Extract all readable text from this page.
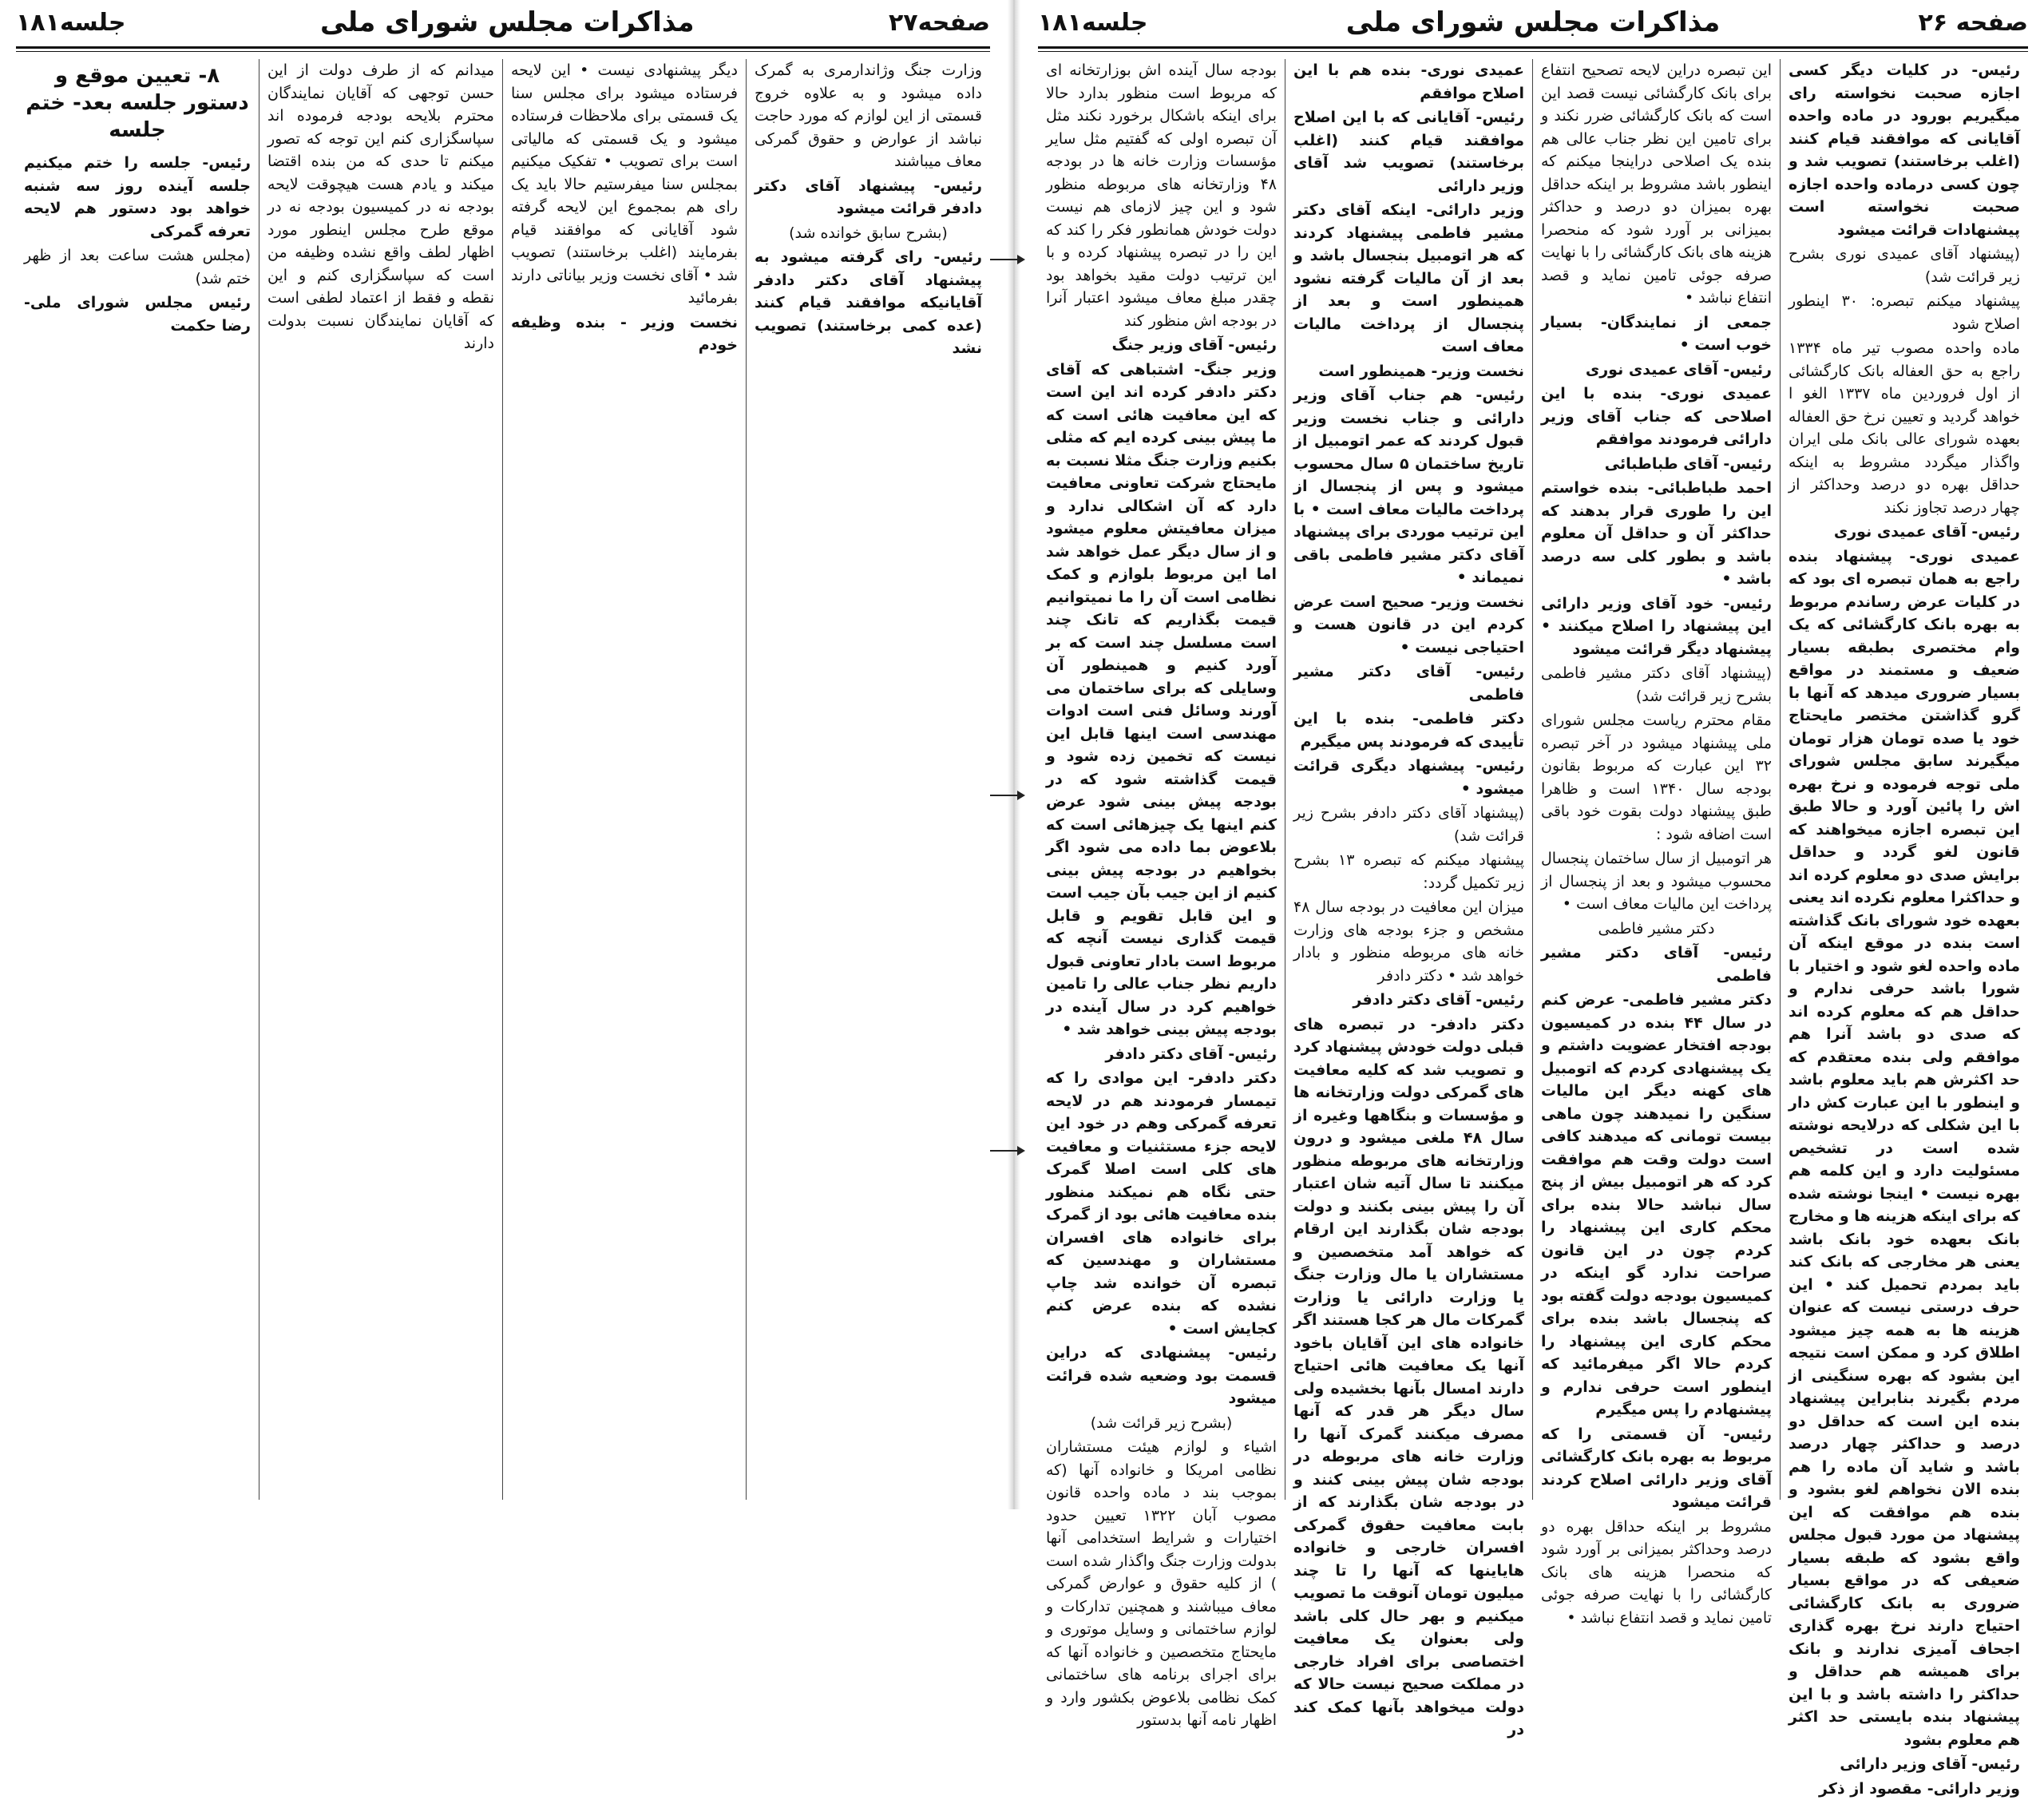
صفحه۲۷
مذاکرات مجلس شورای ملی
جلسه۱۸۱

وزارت جنگ وژاندارمری به گمرک داده میشود و به علاوه خروج قسمتی از این لوازم که مورد حاجت نباشد از عوارض و حقوق گمرکی معاف میباشند

رئیس- پیشنهاد آقای دکتر دادفر قرائت میشود

(بشرح سابق خوانده شد)

رئیس- رای گرفته میشود به پیشنهاد آقای دکتر دادفر آقایانیکه موافقند قیام کنند (عده کمی برخاستند) تصویب نشد

دیگر پیشنهادی نیست • این لایحه فرستاده میشود برای مجلس سنا یک قسمتی برای ملاحظات فرستاده میشود و یک قسمتی که مالیاتی است برای تصویب • تفکیک میکنیم بمجلس سنا میفرستیم حالا باید یک رای هم بمجموع این لایحه گرفته شود آقایانی که موافقند قیام بفرمایند (اغلب برخاستند) تصویب شد • آقای نخست وزیر بیاناتی دارند بفرمائید

نخست وزیر - بنده وظیفه خودم

میدانم که از طرف دولت از این حسن توجهی که آقایان نمایندگان محترم بلایحه بودجه فرموده اند سپاسگزاری کنم این توجه که تصور میکنم تا حدی که من بنده اقتضا میکند و یادم هست هیچوقت لایحه بودجه نه در کمیسیون بودجه نه در موقع طرح مجلس اینطور مورد اظهار لطف واقع نشده وظیفه من است که سپاسگزاری کنم و این نقطه و فقط از اعتماد لطفی است که آقایان نمایندگان نسبت بدولت دارند

۸- تعیین موقع و دستور جلسه بعد- ختم جلسه

رئیس- جلسه را ختم میکنیم جلسه آینده روز سه شنبه خواهد بود دستور هم لایحه تعرفه گمرکی

(مجلس هشت ساعت بعد از ظهر ختم شد)

رئیس مجلس شورای ملی- رضا حکمت

صفحه ۲۶
مذاکرات مجلس شورای ملی
جلسه۱۸۱

رئیس- در کلیات دیگر کسی اجازه صحبت نخواسته رای میگیریم بورود در ماده واحده آقایانی که موافقند قیام کنند (اغلب برخاستند) تصویب شد و چون کسی درماده واحده اجازه صحبت نخواسته است پیشنهادات قرائت میشود

(پیشنهاد آقای عمیدی نوری بشرح زیر قرائت شد)

پیشنهاد میکنم تبصره: ۳۰ اینطور اصلاح شود

ماده واحده مصوب تیر ماه ۱۳۳۴ راجع به حق العفاله بانک کارگشائی از اول فروردین ماه ۱۳۳۷ الغو ا خواهد گردید و تعیین نرخ حق العفاله بعهده شورای عالی بانک ملی ایران واگذار میگردد مشروط به اینکه حداقل بهره دو درصد وحداکثر از چهار درصد تجاوز نکند

رئیس- آقای عمیدی نوری

عمیدی نوری- پیشنهاد بنده راجع به همان تبصره ای بود که در کلیات عرض رساندم مربوط به بهره بانک کارگشائی که یک وام مختصری بطبقه بسیار ضعیف و مستمند در مواقع بسیار ضروری میدهد که آنها با گرو گذاشتن مختصر مایحتاج خود یا صده تومان هزار تومان میگیرند سابق مجلس شورای ملی توجه فرموده و نرخ بهره اش را پائین آورد و حالا طبق این تبصره اجازه میخواهند که قانون لغو گردد و حداقل برایش صدی دو معلوم کرده اند و حداکثرا معلوم نکرده اند یعنی بعهده خود شورای بانک گذاشته است بنده در موقع اینکه آن ماده واحده لغو شود و اختیار با شورا باشد حرفی ندارم و حداقل هم که معلوم کرده اند که صدی دو باشد آنرا هم موافقم ولی بنده معتقدم که حد اکثرش هم باید معلوم باشد و اینطور با این عبارت کش دار با این شکلی که درلایحه نوشته شده است در تشخیص مسئولیت دارد و این کلمه هم بهره نیست • اینجا نوشته شده که برای اینکه هزینه ها و مخارج بانک بعهده خود بانک باشد یعنی هر مخارجی که بانک کند باید بمردم تحمیل کند • این حرف درستی نیست که عنوان هزینه ها به همه چیز میشود اطلاق کرد و ممکن است نتیجه این بشود که بهره سنگینی از مردم بگیرند بنابراین پیشنهاد بنده این است که حداقل دو درصد و حداکثر چهار درصد باشد و شاید آن ماده را هم بنده الان نخواهم لغو بشود و بنده هم موافقت که این پیشنهاد من مورد قبول مجلس واقع بشود که طبقه بسیار ضعیفی که در مواقع بسیار ضروری به بانک کارگشائی احتیاج دارند نرخ بهره گذاری اجحاف آمیزی ندارند و بانک برای همیشه هم حداقل و حداکثر را داشته باشد و با این پیشنهاد بنده بایستی حد اکثر هم معلوم بشود

رئیس- آقای وزیر دارائی

وزیر دارائی- مقصود از ذکر

این تبصره دراین لایحه تصحیح انتفاع برای بانک کارگشائی نیست قصد این است که بانک کارگشائی ضرر نکند و برای تامین این نظر جناب عالی هم بنده یک اصلاحی دراینجا میکنم که اینطور باشد مشروط بر اینکه حداقل بهره بمیزان دو درصد و حداکثر بمیزانی بر آورد شود که منحصرا هزینه های بانک کارگشائی را با نهایت صرفه جوئی تامین نماید و قصد انتفاع نباشد •

جمعی از نمایندگان- بسیار خوب است •

رئیس- آقای عمیدی نوری

عمیدی نوری- بنده با این اصلاحی که جناب آقای وزیر دارائی فرمودند موافقم

رئیس- آقای طباطبائی

احمد طباطبائی- بنده خواستم این را طوری قرار بدهند که حداکثر آن و حداقل آن معلوم باشد و بطور کلی سه درصد باشد •

رئیس- خود آقای وزیر دارائی این پیشنهاد را اصلاح میکنند • پیشنهاد دیگر قرائت میشود

(پیشنهاد آقای دکتر مشیر فاطمی بشرح زیر قرائت شد)

مقام محترم ریاست مجلس شورای ملی پیشنهاد میشود در آخر تبصره ۳۲ این عبارت که مربوط بقانون بودجه سال ۱۳۴۰ است و ظاهرا طبق پیشنهاد دولت بقوت خود باقی است اضافه شود :

هر اتومبیل از سال ساختمان پنجسال محسوب میشود و بعد از پنجسال از پرداخت این مالیات معاف است •

دکتر مشیر فاطمی

رئیس- آقای دکتر مشیر فاطمی

دکتر مشیر فاطمی- عرض کنم در سال ۴۴ بنده در کمیسیون بودجه افتخار عضویت داشتم و یک پیشنهادی کردم که اتومبیل های کهنه دیگر این مالیات سنگین را نمیدهند چون ماهی بیست تومانی که میدهند کافی است دولت وقت هم موافقت کرد که هر اتومبیل بیش از پنج سال نباشد حالا بنده برای محکم کاری این پیشنهاد را کردم چون در این قانون صراحت ندارد گو اینکه در کمیسیون بودجه دولت گفته بود که پنجسال باشد بنده برای محکم کاری این پیشنهاد را کردم حالا اگر میفرمائید که اینطور است حرفی ندارم و پیشنهادم را پس میگیرم

رئیس- آن قسمتی را که مربوط به بهره بانک کارگشائی آقای وزیر دارائی اصلاح کردند قرائت میشود

مشروط بر اینکه حداقل بهره دو درصد وحداکثر بمیزانی بر آورد شود که منحصرا هزینه های بانک کارگشائی را با نهایت صرفه جوئی تامین نماید و قصد انتفاع نباشد •

عمیدی نوری- بنده هم با این اصلاح موافقم

رئیس- آقایانی که با این اصلاح موافقند قیام کنند (اغلب برخاستند) تصویب شد آقای وزیر دارائی

وزیر دارائی- اینکه آقای دکتر مشیر فاطمی پیشنهاد کردند که هر اتومبیل بنجسال باشد و بعد از آن مالیات گرفته نشود همینطور است و بعد از پنجسال از پرداخت مالیات معاف است

نخست وزیر- همینطور است

رئیس- هم جناب آقای وزیر دارائی و جناب نخست وزیر قبول کردند که عمر اتومبیل از تاریخ ساختمان ۵ سال محسوب میشود و پس از پنجسال از پرداخت مالیات معاف است • با این ترتیب موردی برای پیشنهاد آقای دکتر مشیر فاطمی باقی نمیماند •

نخست وزیر- صحیح است عرض کردم این در قانون هست و احتیاجی نیست •

رئیس- آقای دکتر مشیر فاطمی

دکتر فاطمی- بنده با این تأییدی که فرمودند پس میگیرم

رئیس- پیشنهاد دیگری قرائت میشود •

(پیشنهاد آقای دکتر دادفر بشرح زیر قرائت شد)

پیشنهاد میکنم که تبصره ۱۳ بشرح زیر تکمیل گردد:

میزان این معافیت در بودجه سال ۴۸ مشخص و جزء بودجه های وزارت خانه های مربوطه منظور و بادار خواهد شد • دکتر دادفر

رئیس- آقای دکتر دادفر

دکتر دادفر- در تبصره های قبلی دولت خودش پیشنهاد کرد و تصویب شد که کلیه معافیت های گمرکی دولت وزارتخانه ها و مؤسسات و بنگاهها وغیره از سال ۴۸ ملغی میشود و درون وزارتخانه های مربوطه منظور میکنند تا سال آتیه شان اعتبار آن را پیش بینی بکنند و دولت بودجه شان بگذارند این ارقام که خواهد آمد متخصصین و مستشاران یا مال وزارت جنگ یا وزارت دارائی یا وزارت گمرکات مال هر کجا هستند اگر خانواده های این آقایان باخود آنها یک معافیت هائی احتیاج دارند امسال بآنها بخشیده ولی سال دیگر هر قدر که آنها مصرف میکنند گمرک آنها را وزارت خانه های مربوطه در بودجه شان پیش بینی کنند و در بودجه شان بگذارند که از بابت معافیت حقوق گمرکی افسران خارجی و خانواده هایاینها که آنها را تا چند میلیون تومان آنوقت ما تصویب میکنیم و بهر حال کلی باشد ولی بعنوان یک معافیت اختصاصی برای افراد خارجی در مملکت صحیح نیست حالا که دولت میخواهد بآنها کمک کند در

بودجه سال آینده اش بوزارتخانه ای که مربوط است منظور بدارد حالا برای اینکه باشکال برخورد نکند مثل آن تبصره اولی که گفتیم مثل سایر مؤسسات وزارت خانه ها در بودجه ۴۸ وزارتخانه های مربوطه منظور شود و این چیز لازمای هم نیست دولت خودش همانطور فکر را کند که این را در تبصره پیشنهاد کرده و با این ترتیب دولت مقید بخواهد بود چقدر مبلغ معاف میشود اعتبار آنرا در بودجه اش منظور کند

رئیس- آقای وزیر جنگ

وزیر جنگ- اشتباهی که آقای دکتر دادفر کرده اند این است که این معافیت هائی است که ما پیش بینی کرده ایم که مثلی بکنیم وزارت جنگ مثلا نسبت به مایحتاج شرکت تعاونی معافیت دارد که آن اشکالی ندارد و میزان معافیتش معلوم میشود و از سال دیگر عمل خواهد شد اما این مربوط بلوازم و کمک نظامی است آن را ما نمیتوانیم قیمت بگذاریم که تانک چند است مسلسل چند است که بر آورد کنیم و همینطور آن وسایلی که برای ساختمان می آورند وسائل فنی است ادوات مهندسی است اینها قابل این نیست که تخمین زده شود و قیمت گذاشته شود که در بودجه پیش بینی شود عرض کنم اینها یک چیزهائی است که بلاعوض بما داده می شود اگر بخواهیم در بودجه پیش بینی کنیم از این جیب بآن جیب است و این قابل تقویم و قابل قیمت گذاری نیست آنچه که مربوط است بادار تعاونی قبول داریم نظر جناب عالی را تامین خواهیم کرد در سال آینده در بودجه پیش بینی خواهد شد •

رئیس- آقای دکتر دادفر

دکتر دادفر- این موادی را که تیمسار فرمودند هم در لایحه تعرفه گمرکی وهم در خود این لایحه جزء مستثنیات و معافیت های کلی است اصلا گمرک حتی نگاه هم نمیکند منظور بنده معافیت هائی بود از گمرک برای خانواده های افسران مستشاران و مهندسین که تبصره آن خوانده شد چاپ نشده که بنده عرض کنم کجایش است •

رئیس- پیشنهادی که دراین قسمت بود وضعیه شده قرائت میشود

(بشرح زیر قرائت شد)

اشیاء و لوازم هیئت مستشاران نظامی امریکا و خانواده آنها (که بموجب بند د ماده واحده قانون مصوب آبان ۱۳۲۲ تعیین حدود اختیارات و شرایط استخدامی آنها بدولت وزارت جنگ واگذار شده است ) از کلیه حقوق و عوارض گمرکی معاف میباشند و همچنین تدارکات و لوازم ساختمانی و وسایل موتوری و مایحتاج متخصصین و خانواده آنها که برای اجرای برنامه های ساختمانی کمک نظامی بلاعوض بکشور وارد و اظهار نامه آنها بدستور
